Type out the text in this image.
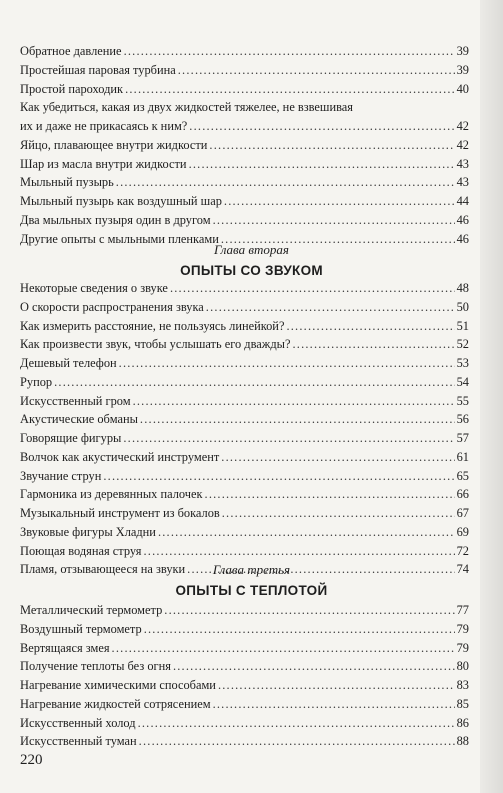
Обратное давление .....	39
Простейшая паровая турбина .....	39
Простой пароходик .....	40
Как убедиться, какая из двух жидкостей тяжелее, не взвешивая
их и даже не прикасаясь к ним? .....	42
Яйцо, плавающее внутри жидкости .....	42
Шар из масла внутри жидкости .....	43
Мыльный пузырь .....	43
Мыльный пузырь как воздушный шар .....	44
Два мыльных пузыря один в другом .....	46
Другие опыты с мыльными пленками .....	46
Глава вторая
ОПЫТЫ СО ЗВУКОМ
Некоторые сведения о звуке .....	48
О скорости распространения звука .....	50
Как измерить расстояние, не пользуясь линейкой? .....	51
Как произвести звук, чтобы услышать его дважды? .....	52
Дешевый телефон .....	53
Рупор .....	54
Искусственный гром .....	55
Акустические обманы .....	56
Говорящие фигуры .....	57
Волчок как акустический инструмент .....	61
Звучание струн .....	65
Гармоника из деревянных палочек .....	66
Музыкальный инструмент из бокалов .....	67
Звуковые фигуры Хладни .....	69
Поющая водяная струя .....	72
Пламя, отзывающееся на звуки .....	74
Глава третья
ОПЫТЫ С ТЕПЛОТОЙ
Металлический термометр .....	77
Воздушный термометр .....	79
Вертящаяся змея .....	79
Получение теплоты без огня .....	80
Нагревание химическими способами .....	83
Нагревание жидкостей сотрясением .....	85
Искусственный холод .....	86
Искусственный туман .....	88
220
